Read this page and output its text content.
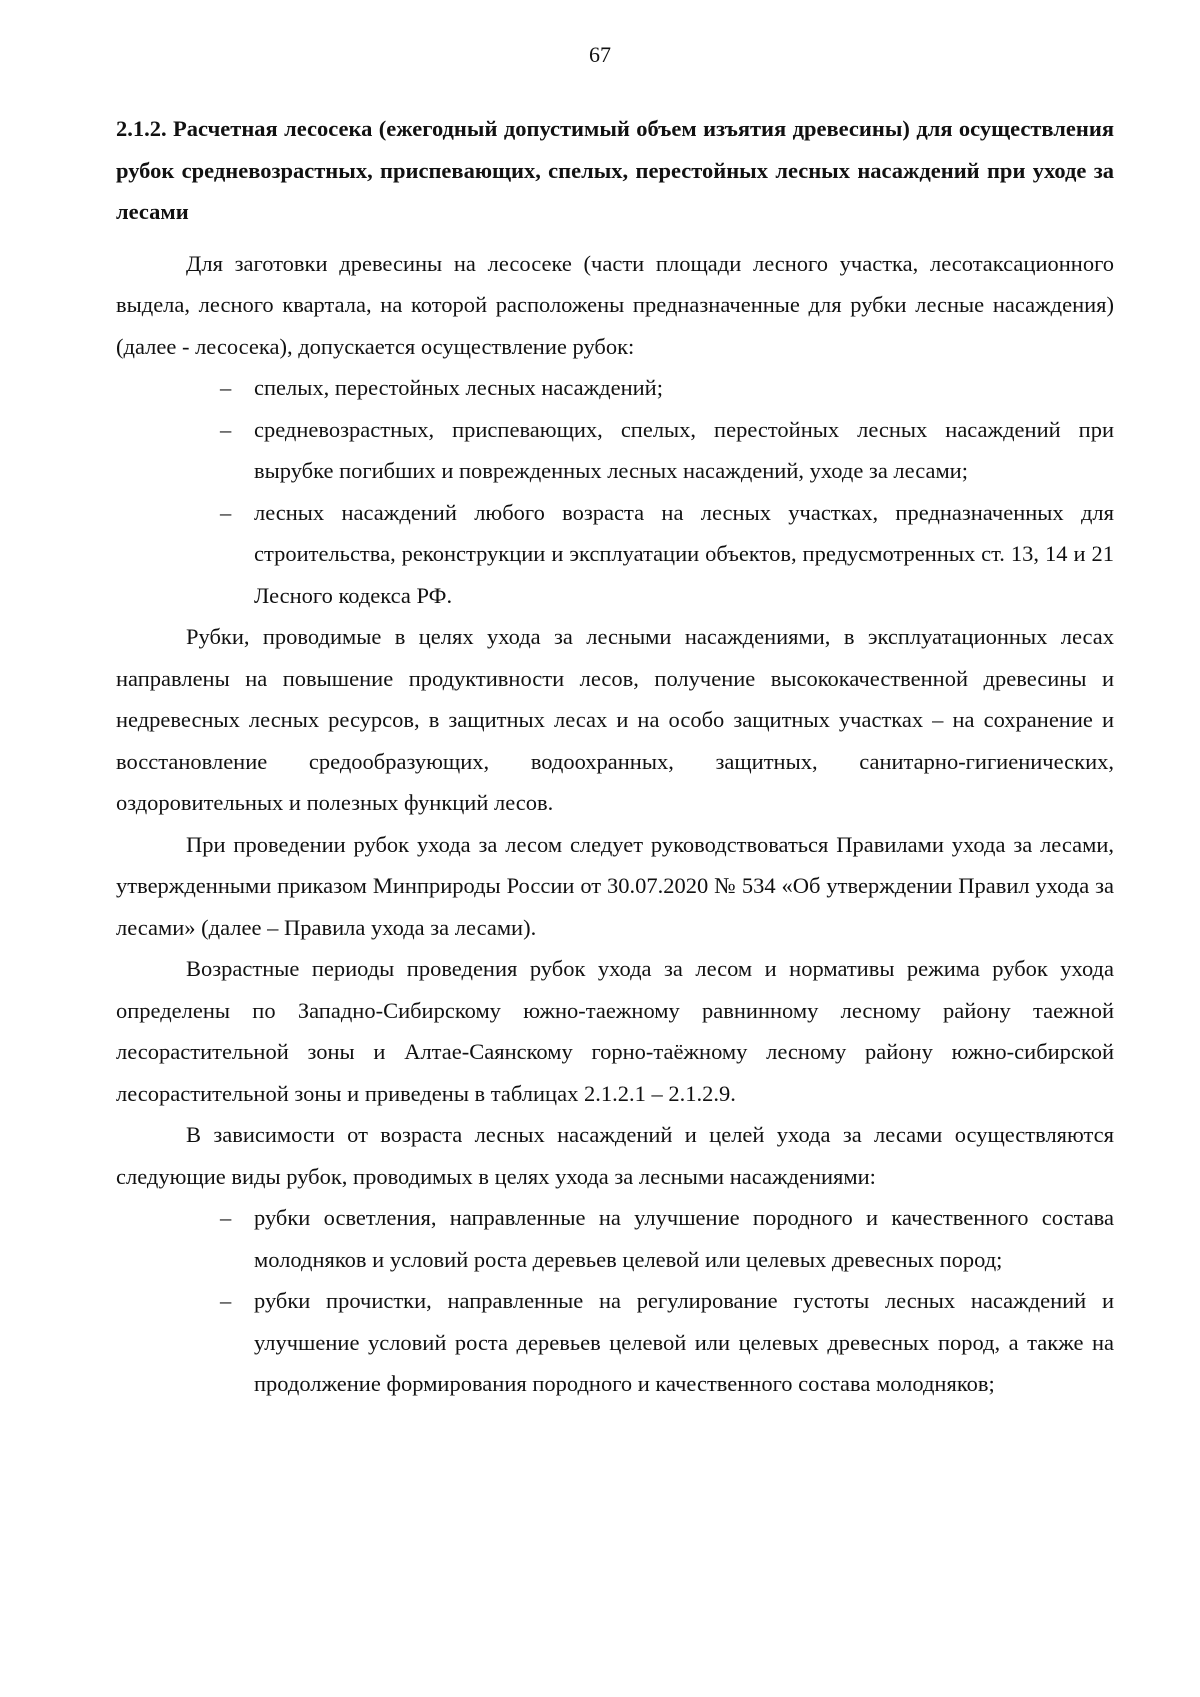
67

2.1.2. Расчетная лесосека (ежегодный допустимый объем изъятия древесины) для осуществления рубок средневозрастных, приспевающих, спелых, перестойных лесных насаждений при уходе за лесами

Для заготовки древесины на лесосеке (части площади лесного участка, лесотаксационного выдела, лесного квартала, на которой расположены предназначенные для рубки лесные насаждения) (далее - лесосека), допускается осуществление рубок:

– спелых, перестойных лесных насаждений;
– средневозрастных, приспевающих, спелых, перестойных лесных насаждений при вырубке погибших и поврежденных лесных насаждений, уходе за лесами;
– лесных насаждений любого возраста на лесных участках, предназначенных для строительства, реконструкции и эксплуатации объектов, предусмотренных ст. 13, 14 и 21 Лесного кодекса РФ.

Рубки, проводимые в целях ухода за лесными насаждениями, в эксплуатационных лесах направлены на повышение продуктивности лесов, получение высококачественной древесины и недревесных лесных ресурсов, в защитных лесах и на особо защитных участках – на сохранение и восстановление средообразующих, водоохранных, защитных, санитарно-гигиенических, оздоровительных и полезных функций лесов.

При проведении рубок ухода за лесом следует руководствоваться Правилами ухода за лесами, утвержденными приказом Минприроды России от 30.07.2020 № 534 «Об утверждении Правил ухода за лесами» (далее – Правила ухода за лесами).

Возрастные периоды проведения рубок ухода за лесом и нормативы режима рубок ухода определены по Западно-Сибирскому южно-таежному равнинному лесному району таежной лесорастительной зоны и Алтае-Саянскому горно-таёжному лесному району южно-сибирской лесорастительной зоны и приведены в таблицах 2.1.2.1 – 2.1.2.9.

В зависимости от возраста лесных насаждений и целей ухода за лесами осуществляются следующие виды рубок, проводимых в целях ухода за лесными насаждениями:

– рубки осветления, направленные на улучшение породного и качественного состава молодняков и условий роста деревьев целевой или целевых древесных пород;
– рубки прочистки, направленные на регулирование густоты лесных насаждений и улучшение условий роста деревьев целевой или целевых древесных пород, а также на продолжение формирования породного и качественного состава молодняков;
